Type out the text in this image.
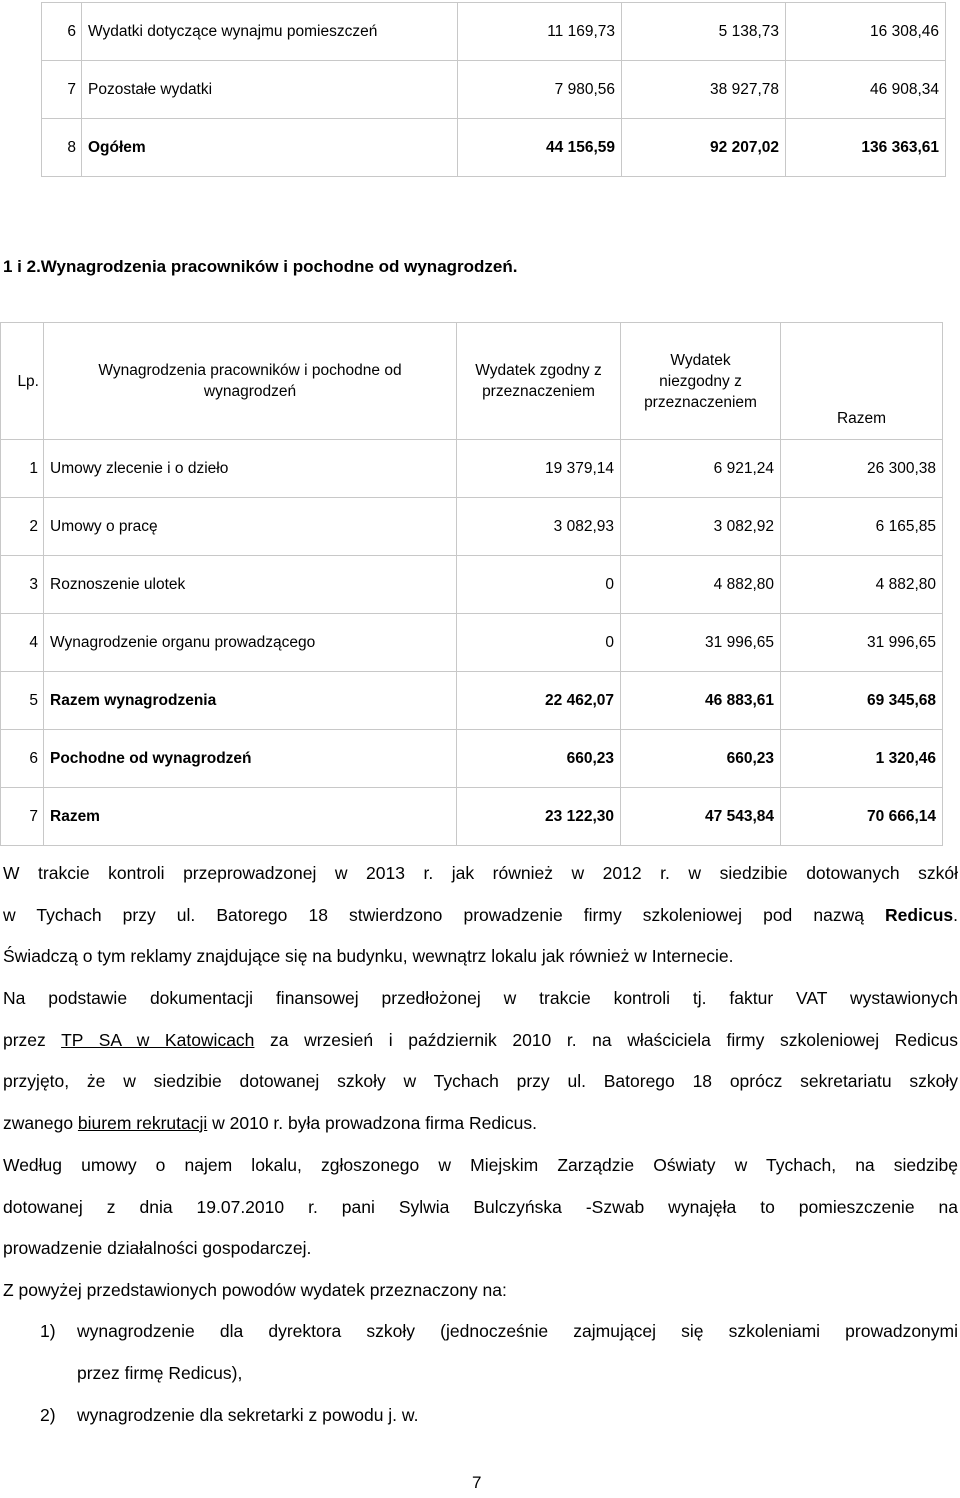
6	Wydatki dotyczące wynajmu pomieszczeń	11 169,73	5 138,73	16 308,46
7	Pozostałe wydatki	7 980,56	38 927,78	46 908,34
8	Ogółem	44 156,59	92 207,02	136 363,61
1 i 2.Wynagrodzenia pracowników i pochodne od wynagrodzeń.
Lp.	Wynagrodzenia pracowników i pochodne od wynagrodzeń	Wydatek zgodny z przeznaczeniem	Wydatek niezgodny z przeznaczeniem	Razem
1	Umowy zlecenie i o dzieło	19 379,14	6 921,24	26 300,38
2	Umowy o pracę	3 082,93	3 082,92	6 165,85
3	Roznoszenie ulotek	0	4 882,80	4 882,80
4	Wynagrodzenie organu prowadzącego	0	31 996,65	31 996,65
5	Razem wynagrodzenia	22 462,07	46 883,61	69 345,68
6	Pochodne od wynagrodzeń	660,23	660,23	1 320,46
7	Razem	23 122,30	47 543,84	70 666,14
W trakcie kontroli przeprowadzonej w 2013 r. jak również w 2012 r. w siedzibie dotowanych szkół
w Tychach przy ul. Batorego 18 stwierdzono prowadzenie firmy szkoleniowej pod nazwą Redicus.
Świadczą o tym reklamy znajdujące się na budynku, wewnątrz lokalu jak również w Internecie.
Na podstawie dokumentacji finansowej przedłożonej w trakcie kontroli tj. faktur VAT wystawionych
przez TP SA w Katowicach za wrzesień i październik 2010 r. na właściciela firmy szkoleniowej Redicus
przyjęto, że w siedzibie dotowanej szkoły w Tychach przy ul. Batorego 18 oprócz sekretariatu szkoły
zwanego biurem rekrutacji w 2010 r. była prowadzona firma Redicus.
Według umowy o najem lokalu, zgłoszonego w Miejskim Zarządzie Oświaty w Tychach, na siedzibę
dotowanej z dnia 19.07.2010 r. pani Sylwia Bulczyńska -Szwab wynajęła to pomieszczenie na
prowadzenie działalności gospodarczej.
Z powyżej przedstawionych powodów wydatek przeznaczony na:
1) wynagrodzenie dla dyrektora szkoły (jednocześnie zajmującej się szkoleniami prowadzonymi
przez firmę Redicus),
2) wynagrodzenie dla sekretarki z powodu j. w.
7
